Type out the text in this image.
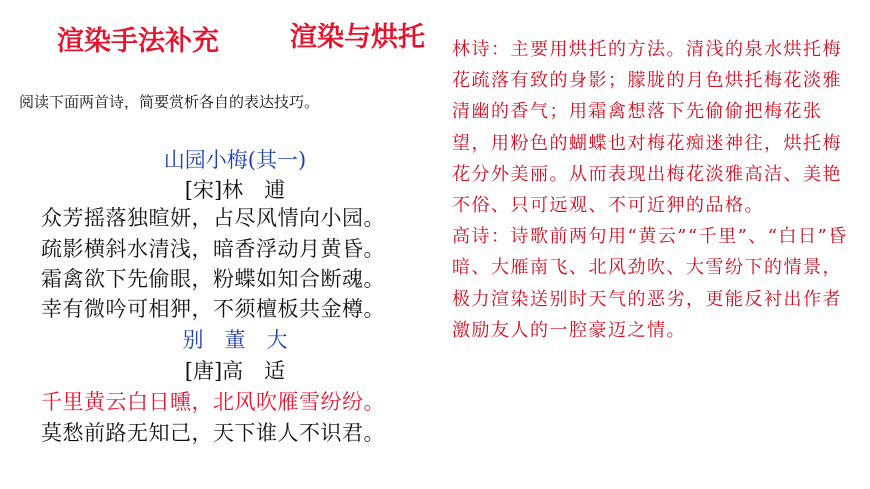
渲染手法补充	渲染与烘托
阅读下面两首诗，简要赏析各自的表达技巧。
山园小梅(其一)
[宋]林　逋
众芳摇落独暄妍，占尽风情向小园。
疏影横斜水清浅，暗香浮动月黄昏。
霜禽欲下先偷眼，粉蝶如知合断魂。
幸有微吟可相狎，不须檀板共金樽。
别　董　大
[唐]高　适
千里黄云白日曛，北风吹雁雪纷纷。
莫愁前路无知己，天下谁人不识君。

林诗：主要用烘托的方法。清浅的泉水烘托梅花疏落有致的身影；朦胧的月色烘托梅花淡雅清幽的香气；用霜禽想落下先偷偷把梅花张望，用粉色的蝴蝶也对梅花痴迷神往，烘托梅花分外美丽。从而表现出梅花淡雅高洁、美艳不俗、只可远观、不可近狎的品格。

高诗：诗歌前两句用“黄云”“千里”、“白日”昏暗、大雁南飞、北风劲吹、大雪纷下的情景，极力渲染送别时天气的恶劣，更能反衬出作者激励友人的一腔豪迈之情。
